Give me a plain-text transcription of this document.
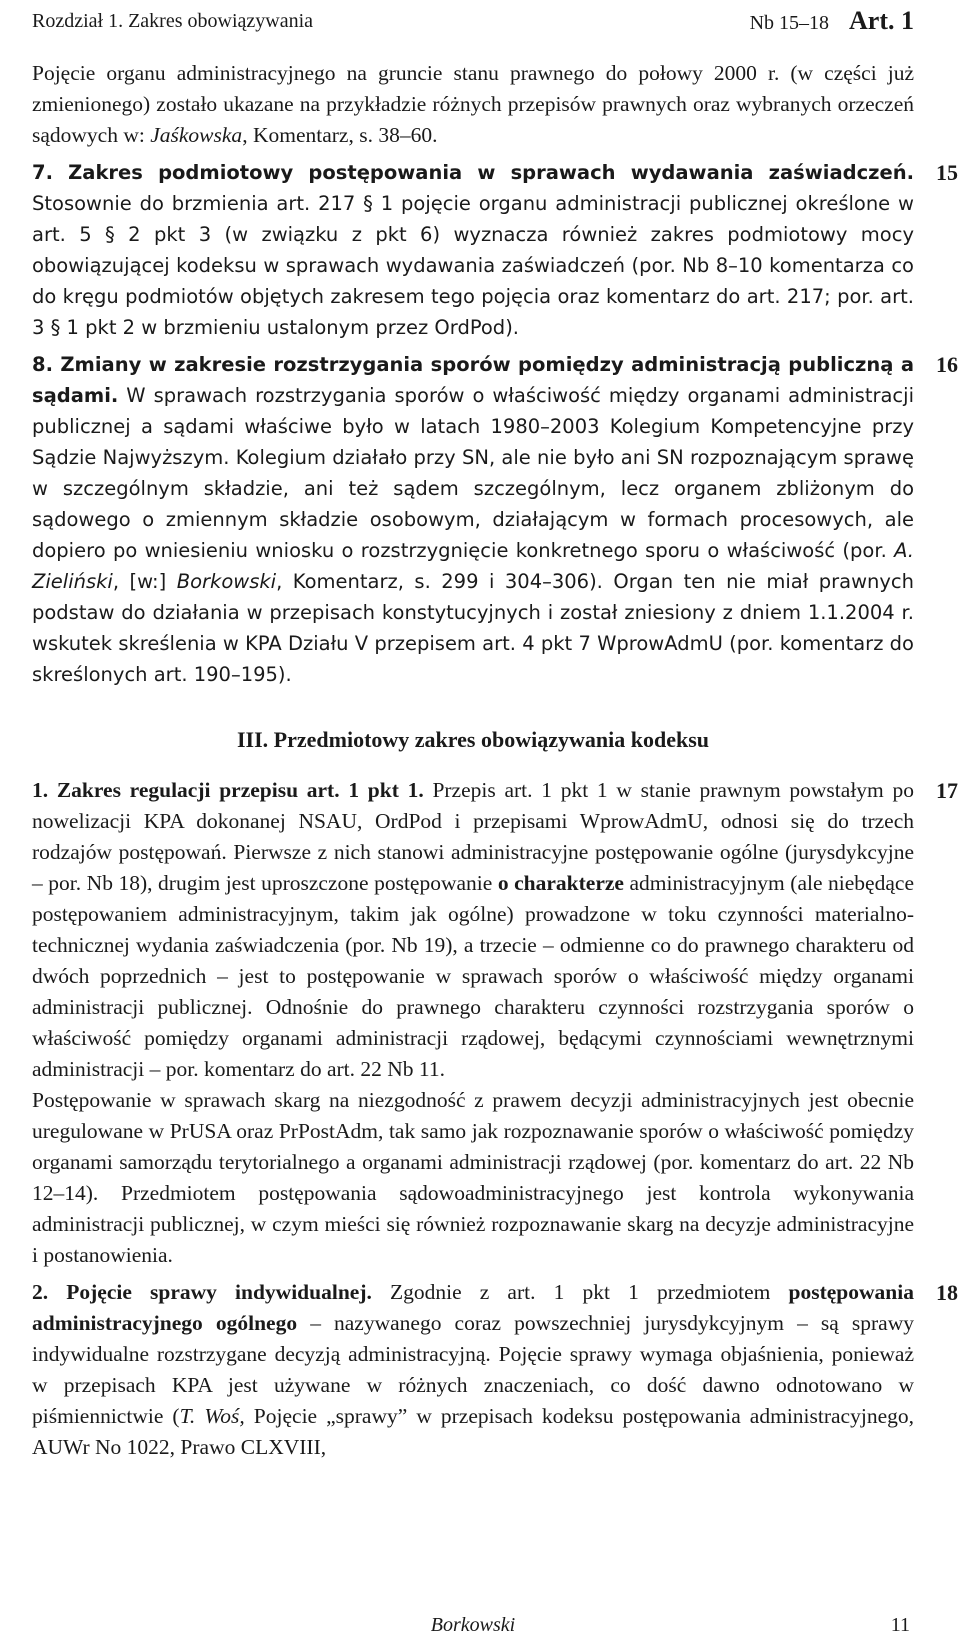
Rozdział 1. Zakres obowiązywania	Nb 15–18 Art. 1

Pojęcie organu administracyjnego na gruncie stanu prawnego do połowy 2000 r. (w części już zmienionego) zostało ukazane na przykładzie różnych przepisów prawnych oraz wybranych orzeczeń sądowych w: Jaśkowska, Komentarz, s. 38–60.

15

7. Zakres podmiotowy postępowania w sprawach wydawania zaświadczeń. Stosownie do brzmienia art. 217 § 1 pojęcie organu administracji publicznej określone w art. 5 § 2 pkt 3 (w związku z pkt 6) wyznacza również zakres podmiotowy mocy obowiązującej kodeksu w sprawach wydawania zaświadczeń (por. Nb 8–10 komentarza co do kręgu podmiotów objętych zakresem tego pojęcia oraz komentarz do art. 217; por. art. 3 § 1 pkt 2 w brzmieniu ustalonym przez OrdPod).

16

8. Zmiany w zakresie rozstrzygania sporów pomiędzy administracją publiczną a sądami. W sprawach rozstrzygania sporów o właściwość między organami administracji publicznej a sądami właściwe było w latach 1980–2003 Kolegium Kompetencyjne przy Sądzie Najwyższym. Kolegium działało przy SN, ale nie było ani SN rozpoznającym sprawę w szczególnym składzie, ani też sądem szczególnym, lecz organem zbliżonym do sądowego o zmiennym składzie osobowym, działającym w formach procesowych, ale dopiero po wniesieniu wniosku o rozstrzygnięcie konkretnego sporu o właściwość (por. A. Zieliński, [w:] Borkowski, Komentarz, s. 299 i 304–306). Organ ten nie miał prawnych podstaw do działania w przepisach konstytucyjnych i został zniesiony z dniem 1.1.2004 r. wskutek skreślenia w KPA Działu V przepisem art. 4 pkt 7 WprowAdmU (por. komentarz do skreślonych art. 190–195).

III. Przedmiotowy zakres obowiązywania kodeksu
17

1. Zakres regulacji przepisu art. 1 pkt 1. Przepis art. 1 pkt 1 w stanie prawnym powstałym po nowelizacji KPA dokonanej NSAU, OrdPod i przepisami WprowAdmU, odnosi się do trzech rodzajów postępowań. Pierwsze z nich stanowi administracyjne postępowanie ogólne (jurysdykcyjne – por. Nb 18), drugim jest uproszczone postępowanie o charakterze administracyjnym (ale niebędące postępowaniem administracyjnym, takim jak ogólne) prowadzone w toku czynności materialno-technicznej wydania zaświadczenia (por. Nb 19), a trzecie – odmienne co do prawnego charakteru od dwóch poprzednich – jest to postępowanie w sprawach sporów o właściwość między organami administracji publicznej. Odnośnie do prawnego charakteru czynności rozstrzygania sporów o właściwość pomiędzy organami administracji rządowej, będącymi czynnościami wewnętrznymi administracji – por. komentarz do art. 22 Nb 11.

Postępowanie w sprawach skarg na niezgodność z prawem decyzji administracyjnych jest obecnie uregulowane w PrUSA oraz PrPostAdm, tak samo jak rozpoznawanie sporów o właściwość pomiędzy organami samorządu terytorialnego a organami administracji rządowej (por. komentarz do art. 22 Nb 12–14). Przedmiotem postępowania sądowoadministracyjnego jest kontrola wykonywania administracji publicznej, w czym mieści się również rozpoznawanie skarg na decyzje administracyjne i postanowienia.

18

2. Pojęcie sprawy indywidualnej. Zgodnie z art. 1 pkt 1 przedmiotem postępowania administracyjnego ogólnego – nazywanego coraz powszechniej jurysdykcyjnym – są sprawy indywidualne rozstrzygane decyzją administracyjną. Pojęcie sprawy wymaga objaśnienia, ponieważ w przepisach KPA jest używane w różnych znaczeniach, co dość dawno odnotowano w piśmiennictwie (T. Woś, Pojęcie „sprawy” w przepisach kodeksu postępowania administracyjnego, AUWr No 1022, Prawo CLXVIII,

Borkowski	11
